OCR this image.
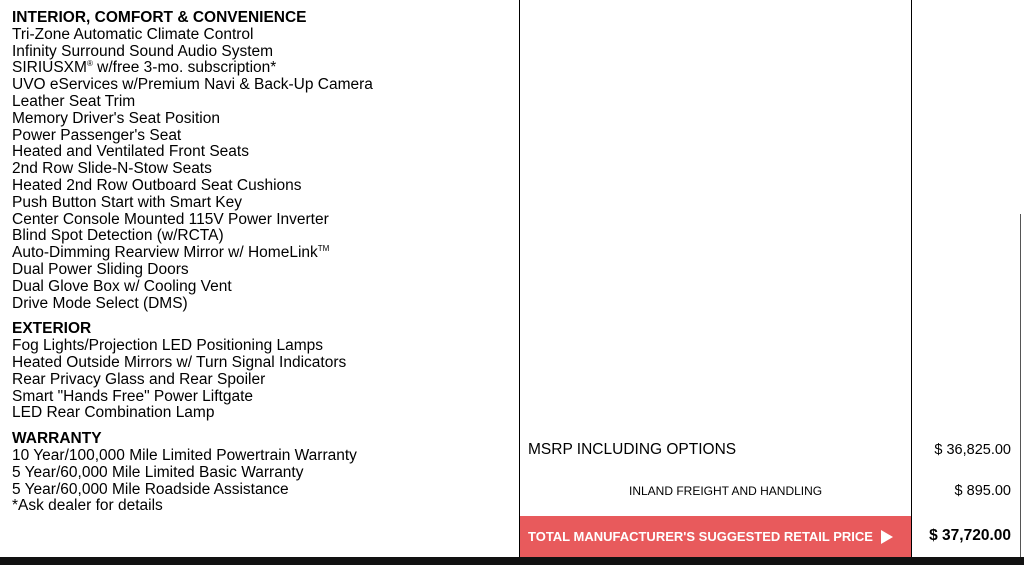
INTERIOR, COMFORT & CONVENIENCE
Tri-Zone Automatic Climate Control
Infinity Surround Sound Audio System
SIRIUSXM® w/free 3-mo. subscription*
UVO eServices w/Premium Navi & Back-Up Camera
Leather Seat Trim
Memory Driver's Seat Position
Power Passenger's Seat
Heated and Ventilated Front Seats
2nd Row Slide-N-Stow Seats
Heated 2nd Row Outboard Seat Cushions
Push Button Start with Smart Key
Center Console Mounted 115V Power Inverter
Blind Spot Detection (w/RCTA)
Auto-Dimming Rearview Mirror w/ HomeLink™
Dual Power Sliding Doors
Dual Glove Box w/ Cooling Vent
Drive Mode Select (DMS)
EXTERIOR
Fog Lights/Projection LED Positioning Lamps
Heated Outside Mirrors w/ Turn Signal Indicators
Rear Privacy Glass and Rear Spoiler
Smart "Hands Free" Power Liftgate
LED Rear Combination Lamp
WARRANTY
10 Year/100,000 Mile Limited Powertrain Warranty
5 Year/60,000 Mile Limited Basic Warranty
5 Year/60,000 Mile Roadside Assistance
*Ask dealer for details
MSRP INCLUDING OPTIONS	$ 36,825.00
INLAND FREIGHT AND HANDLING	$ 895.00
TOTAL MANUFACTURER'S SUGGESTED RETAIL PRICE	$ 37,720.00
